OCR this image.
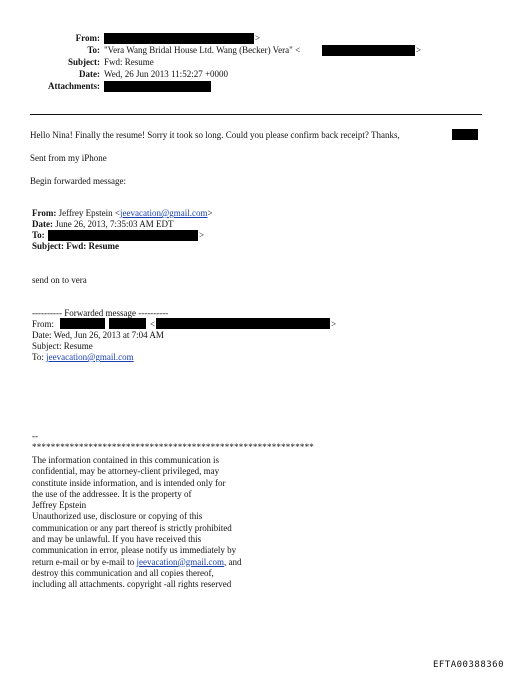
From:	>
To: "Vera Wang Bridal House Ltd. Wang (Becker) Vera" <	>
Subject: Fwd: Resume
Date: Wed, 26 Jun 2013 11:52:27 +0000
Attachments:
Hello Nina! Finally the resume! Sorry it took so long. Could you please confirm back receipt? Thanks,
Sent from my iPhone
Begin forwarded message:
From: Jeffrey Epstein <jeevacation@gmail.com>
Date: June 26, 2013, 7:35:03 AM EDT
To:	>
Subject: Fwd: Resume
send on to vera
---------- Forwarded message ----------
From:	<	>
Date: Wed, Jun 26, 2013 at 7:04 AM
Subject: Resume
To: jeevacation@gmail.com
--
************************************************************
The information contained in this communication is
confidential, may be attorney-client privileged, may
constitute inside information, and is intended only for
the use of the addressee. It is the property of
Jeffrey Epstein
Unauthorized use, disclosure or copying of this
communication or any part thereof is strictly prohibited
and may be unlawful. If you have received this
communication in error, please notify us immediately by
return e-mail or by e-mail to jeevacation@gmail.com, and
destroy this communication and all copies thereof,
including all attachments. copyright -all rights reserved
EFTA00388360
